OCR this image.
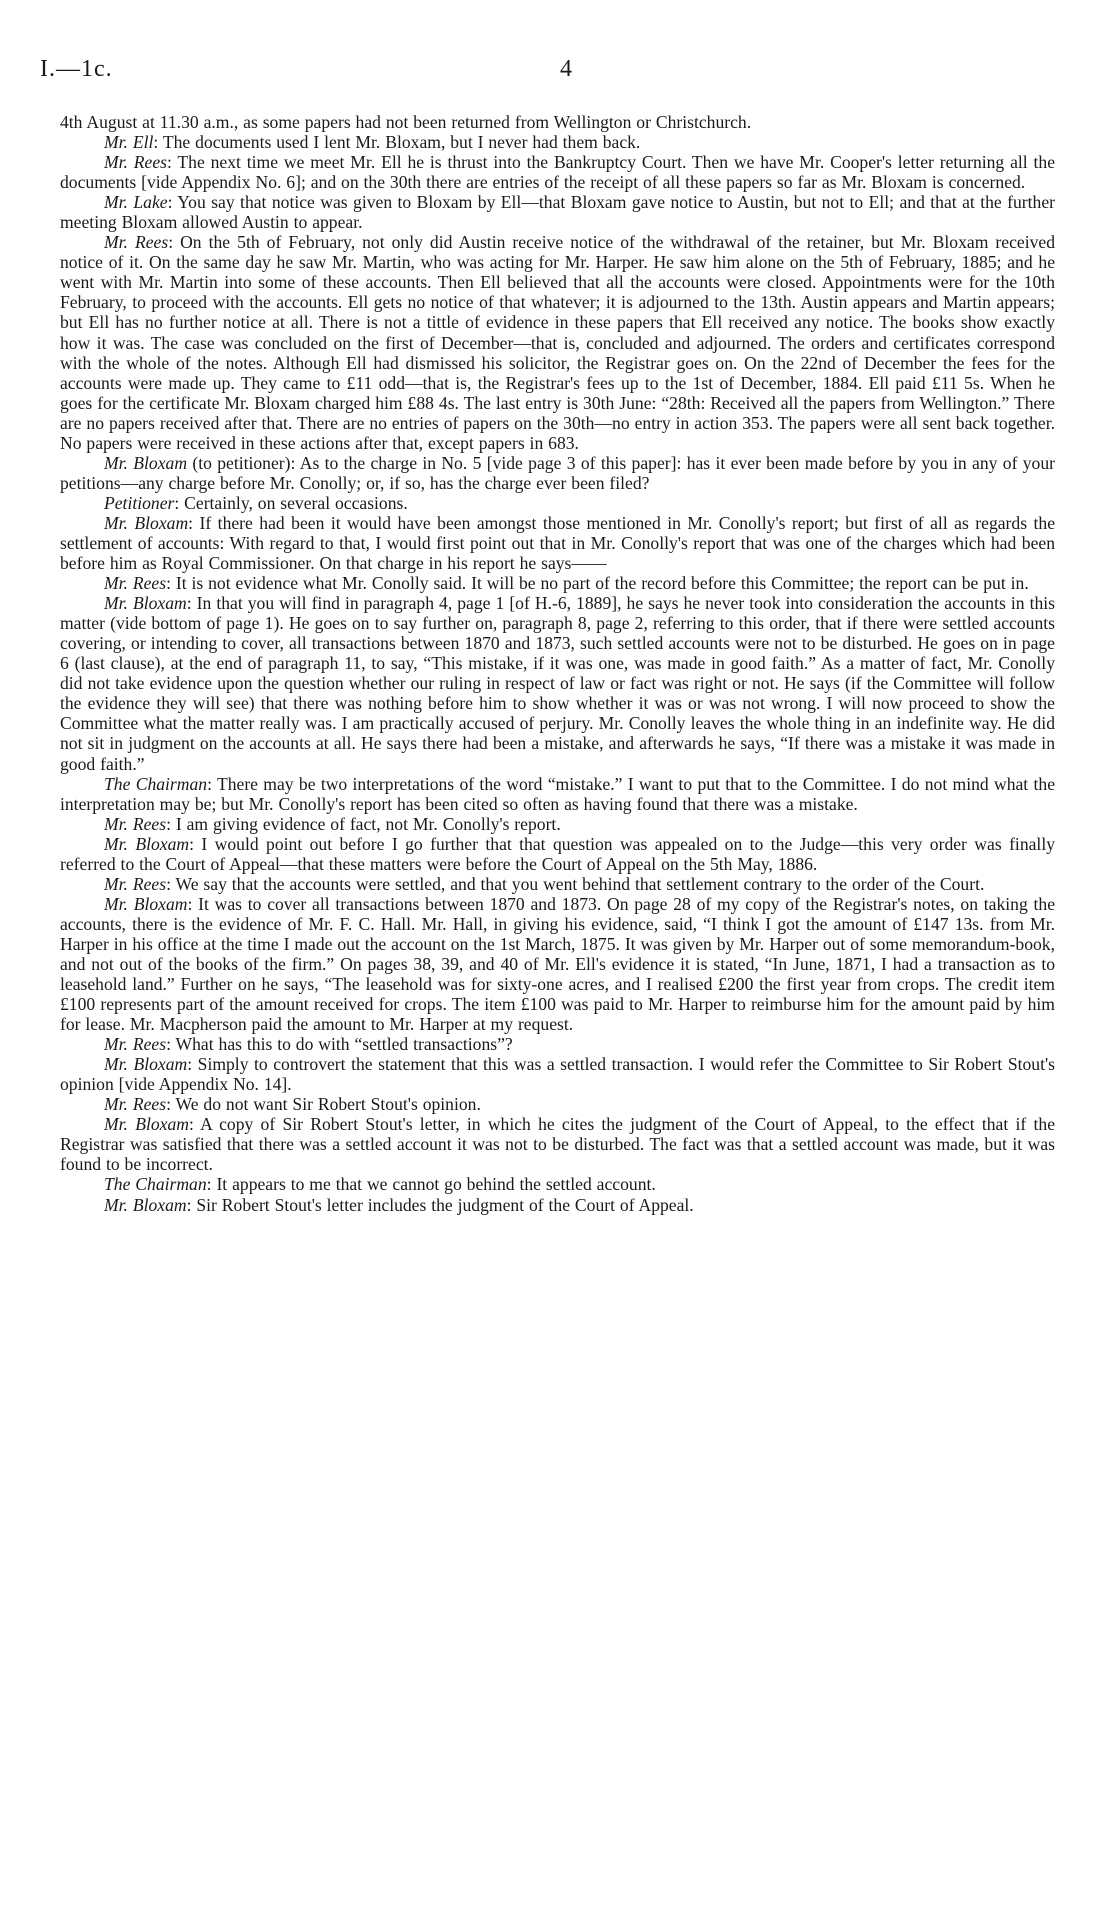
I.—1c.	4

4th August at 11.30 a.m., as some papers had not been returned from Wellington or Christchurch.

Mr. Ell: The documents used I lent Mr. Bloxam, but I never had them back.

Mr. Rees: The next time we meet Mr. Ell he is thrust into the Bankruptcy Court. Then we have Mr. Cooper's letter returning all the documents [vide Appendix No. 6]; and on the 30th there are entries of the receipt of all these papers so far as Mr. Bloxam is concerned.

Mr. Lake: You say that notice was given to Bloxam by Ell—that Bloxam gave notice to Austin, but not to Ell; and that at the further meeting Bloxam allowed Austin to appear.

Mr. Rees: On the 5th of February, not only did Austin receive notice of the withdrawal of the retainer, but Mr. Bloxam received notice of it. On the same day he saw Mr. Martin, who was acting for Mr. Harper. He saw him alone on the 5th of February, 1885; and he went with Mr. Martin into some of these accounts. Then Ell believed that all the accounts were closed. Appointments were for the 10th February, to proceed with the accounts. Ell gets no notice of that whatever; it is adjourned to the 13th. Austin appears and Martin appears; but Ell has no further notice at all. There is not a tittle of evidence in these papers that Ell received any notice. The books show exactly how it was. The case was concluded on the first of December—that is, concluded and adjourned. The orders and certificates correspond with the whole of the notes. Although Ell had dismissed his solicitor, the Registrar goes on. On the 22nd of December the fees for the accounts were made up. They came to £11 odd—that is, the Registrar's fees up to the 1st of December, 1884. Ell paid £11 5s. When he goes for the certificate Mr. Bloxam charged him £88 4s. The last entry is 30th June: “28th: Received all the papers from Wellington.” There are no papers received after that. There are no entries of papers on the 30th—no entry in action 353. The papers were all sent back together. No papers were received in these actions after that, except papers in 683.

Mr. Bloxam (to petitioner): As to the charge in No. 5 [vide page 3 of this paper]: has it ever been made before by you in any of your petitions—any charge before Mr. Conolly; or, if so, has the charge ever been filed?

Petitioner: Certainly, on several occasions.

Mr. Bloxam: If there had been it would have been amongst those mentioned in Mr. Conolly's report; but first of all as regards the settlement of accounts: With regard to that, I would first point out that in Mr. Conolly's report that was one of the charges which had been before him as Royal Commissioner. On that charge in his report he says——

Mr. Rees: It is not evidence what Mr. Conolly said. It will be no part of the record before this Committee; the report can be put in.

Mr. Bloxam: In that you will find in paragraph 4, page 1 [of H.-6, 1889], he says he never took into consideration the accounts in this matter (vide bottom of page 1). He goes on to say further on, paragraph 8, page 2, referring to this order, that if there were settled accounts covering, or intending to cover, all transactions between 1870 and 1873, such settled accounts were not to be disturbed. He goes on in page 6 (last clause), at the end of paragraph 11, to say, “This mistake, if it was one, was made in good faith.” As a matter of fact, Mr. Conolly did not take evidence upon the question whether our ruling in respect of law or fact was right or not. He says (if the Committee will follow the evidence they will see) that there was nothing before him to show whether it was or was not wrong. I will now proceed to show the Committee what the matter really was. I am practically accused of perjury. Mr. Conolly leaves the whole thing in an indefinite way. He did not sit in judgment on the accounts at all. He says there had been a mistake, and afterwards he says, “If there was a mistake it was made in good faith.”

The Chairman: There may be two interpretations of the word “mistake.” I want to put that to the Committee. I do not mind what the interpretation may be; but Mr. Conolly's report has been cited so often as having found that there was a mistake.

Mr. Rees: I am giving evidence of fact, not Mr. Conolly's report.

Mr. Bloxam: I would point out before I go further that that question was appealed on to the Judge—this very order was finally referred to the Court of Appeal—that these matters were before the Court of Appeal on the 5th May, 1886.

Mr. Rees: We say that the accounts were settled, and that you went behind that settlement contrary to the order of the Court.

Mr. Bloxam: It was to cover all transactions between 1870 and 1873. On page 28 of my copy of the Registrar's notes, on taking the accounts, there is the evidence of Mr. F. C. Hall. Mr. Hall, in giving his evidence, said, “I think I got the amount of £147 13s. from Mr. Harper in his office at the time I made out the account on the 1st March, 1875. It was given by Mr. Harper out of some memorandum-book, and not out of the books of the firm.” On pages 38, 39, and 40 of Mr. Ell's evidence it is stated, “In June, 1871, I had a transaction as to leasehold land.” Further on he says, “The leasehold was for sixty-one acres, and I realised £200 the first year from crops. The credit item £100 represents part of the amount received for crops. The item £100 was paid to Mr. Harper to reimburse him for the amount paid by him for lease. Mr. Macpherson paid the amount to Mr. Harper at my request.

Mr. Rees: What has this to do with “settled transactions”?

Mr. Bloxam: Simply to controvert the statement that this was a settled transaction. I would refer the Committee to Sir Robert Stout's opinion [vide Appendix No. 14].

Mr. Rees: We do not want Sir Robert Stout's opinion.

Mr. Bloxam: A copy of Sir Robert Stout's letter, in which he cites the judgment of the Court of Appeal, to the effect that if the Registrar was satisfied that there was a settled account it was not to be disturbed. The fact was that a settled account was made, but it was found to be incorrect.

The Chairman: It appears to me that we cannot go behind the settled account.

Mr. Bloxam: Sir Robert Stout's letter includes the judgment of the Court of Appeal.
